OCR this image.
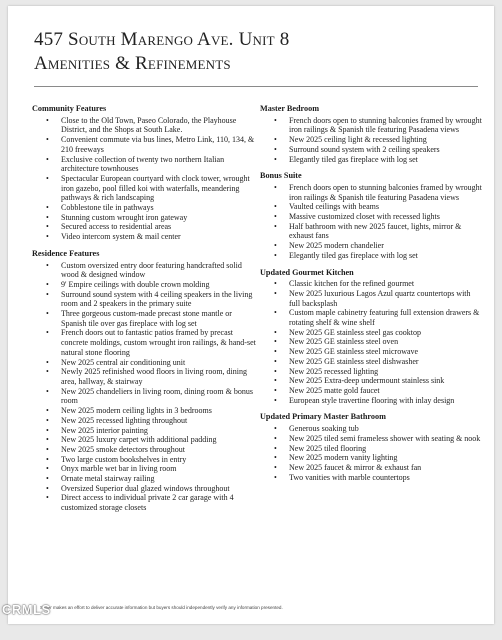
457 South Marengo Ave. Unit 8
Amenities & Refinements
Community Features
• Close to the Old Town, Paseo Colorado, the Playhouse District, and the Shops at South Lake.
• Convenient commute via bus lines, Metro Link, 110, 134, & 210 freeways
• Exclusive collection of twenty two northern Italian architecture townhouses
• Spectacular European courtyard with clock tower, wrought iron gazebo, pool filled koi with waterfalls, meandering pathways & rich landscaping
• Cobblestone tile in pathways
• Stunning custom wrought iron gateway
• Secured access to residential areas
• Video intercom system & mail center
Residence Features
• Custom oversized entry door featuring handcrafted solid wood & designed window
• 9' Empire ceilings with double crown molding
• Surround sound system with 4 ceiling speakers in the living room and 2 speakers in the primary suite
• Three gorgeous custom-made precast stone mantle or Spanish tile over gas fireplace with log set
• French doors out to fantastic patios framed by precast concrete moldings, custom wrought iron railings, & hand-set natural stone flooring
• New 2025 central air conditioning unit
• Newly 2025 refinished wood floors in living room, dining area, hallway, & stairway
• New 2025 chandeliers in living room, dining room & bonus room
• New 2025 modern ceiling lights in 3 bedrooms
• New 2025 recessed lighting throughout
• New 2025 interior painting
• New 2025 luxury carpet with additional padding
• New 2025 smoke detectors throughout
• Two large custom bookshelves in entry
• Onyx marble wet bar in living room
• Ornate metal stairway railing
• Oversized Superior dual glazed windows throughout
• Direct access to individual private 2 car garage with 4 customized storage closets
Master Bedroom
• French doors open to stunning balconies framed by wrought iron railings & Spanish tile featuring Pasadena views
• New 2025 ceiling light & recessed lighting
• Surround sound system with 2 ceiling speakers
• Elegantly tiled gas fireplace with log set
Bonus Suite
• French doors open to stunning balconies framed by wrought iron railings & Spanish tile featuring Pasadena views
• Vaulted ceilings with beams
• Massive customized closet with recessed lights
• Half bathroom with new 2025 faucet, lights, mirror & exhaust fans
• New 2025 modern chandelier
• Elegantly tiled gas fireplace with log set
Updated Gourmet Kitchen
• Classic kitchen for the refined gourmet
• New 2025 luxurious Lagos Azul quartz countertops with full backsplash
• Custom maple cabinetry featuring full extension drawers & rotating shelf & wine shelf
• New 2025 GE stainless steel gas cooktop
• New 2025 GE stainless steel oven
• New 2025 GE stainless steel microwave
• New 2025 GE stainless steel dishwasher
• New 2025 recessed lighting
• New 2025 Extra-deep undermount stainless sink
• New 2025 matte gold faucet
• European style travertine flooring with inlay design
Updated Primary Master Bathroom
• Generous soaking tub
• New 2025 tiled semi frameless shower with seating & nook
• New 2025 tiled flooring
• New 2025 modern vanity lighting
• New 2025 faucet & mirror & exhaust fan
• Two vanities with marble countertops
Seller makes an effort to deliver accurate information but buyers should independently verify any information presented.
CRMLS
